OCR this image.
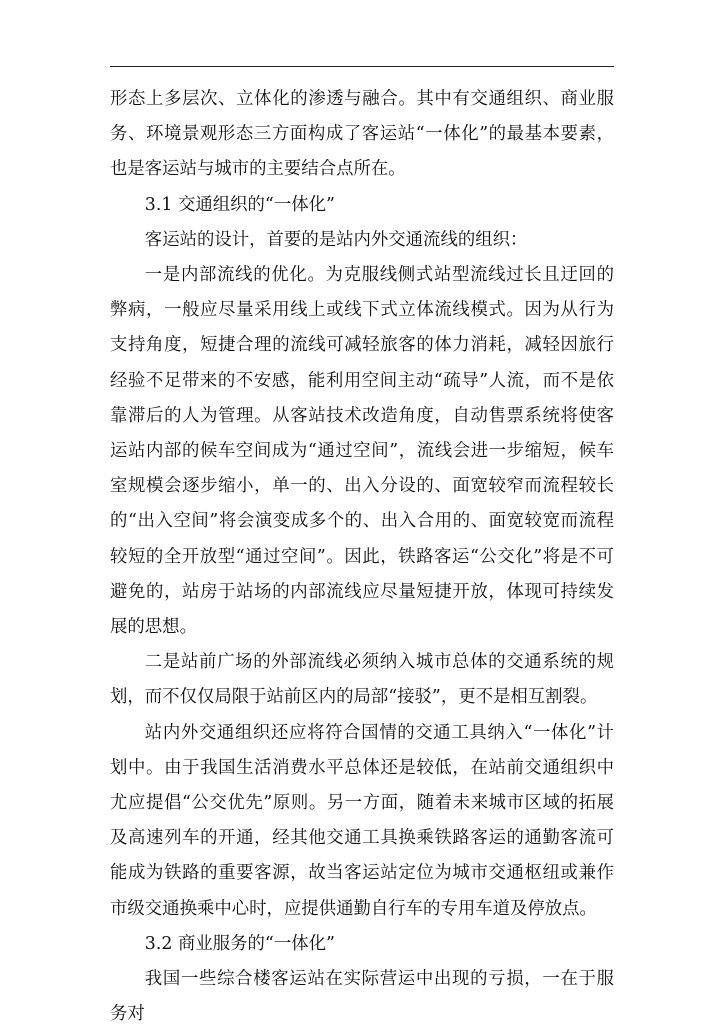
形态上多层次、立体化的渗透与融合。其中有交通组织、商业服务、环境景观形态三方面构成了客运站“一体化”的最基本要素，也是客运站与城市的主要结合点所在。

3.1 交通组织的“一体化”

客运站的设计，首要的是站内外交通流线的组织：

一是内部流线的优化。为克服线侧式站型流线过长且迂回的弊病，一般应尽量采用线上或线下式立体流线模式。因为从行为支持角度，短捷合理的流线可减轻旅客的体力消耗，减轻因旅行经验不足带来的不安感，能利用空间主动“疏导”人流，而不是依靠滞后的人为管理。从客站技术改造角度，自动售票系统将使客运站内部的候车空间成为“通过空间”，流线会进一步缩短，候车室规模会逐步缩小，单一的、出入分设的、面宽较窄而流程较长的“出入空间”将会演变成多个的、出入合用的、面宽较宽而流程较短的全开放型“通过空间”。因此，铁路客运“公交化”将是不可避免的，站房于站场的内部流线应尽量短捷开放，体现可持续发展的思想。

二是站前广场的外部流线必须纳入城市总体的交通系统的规划，而不仅仅局限于站前区内的局部“接驳”，更不是相互割裂。

站内外交通组织还应将符合国情的交通工具纳入“一体化”计划中。由于我国生活消费水平总体还是较低，在站前交通组织中尤应提倡“公交优先”原则。另一方面，随着未来城市区域的拓展及高速列车的开通，经其他交通工具换乘铁路客运的通勤客流可能成为铁路的重要客源，故当客运站定位为城市交通枢纽或兼作市级交通换乘中心时，应提供通勤自行车的专用车道及停放点。

3.2 商业服务的“一体化”

我国一些综合楼客运站在实际营运中出现的亏损，一在于服务对
